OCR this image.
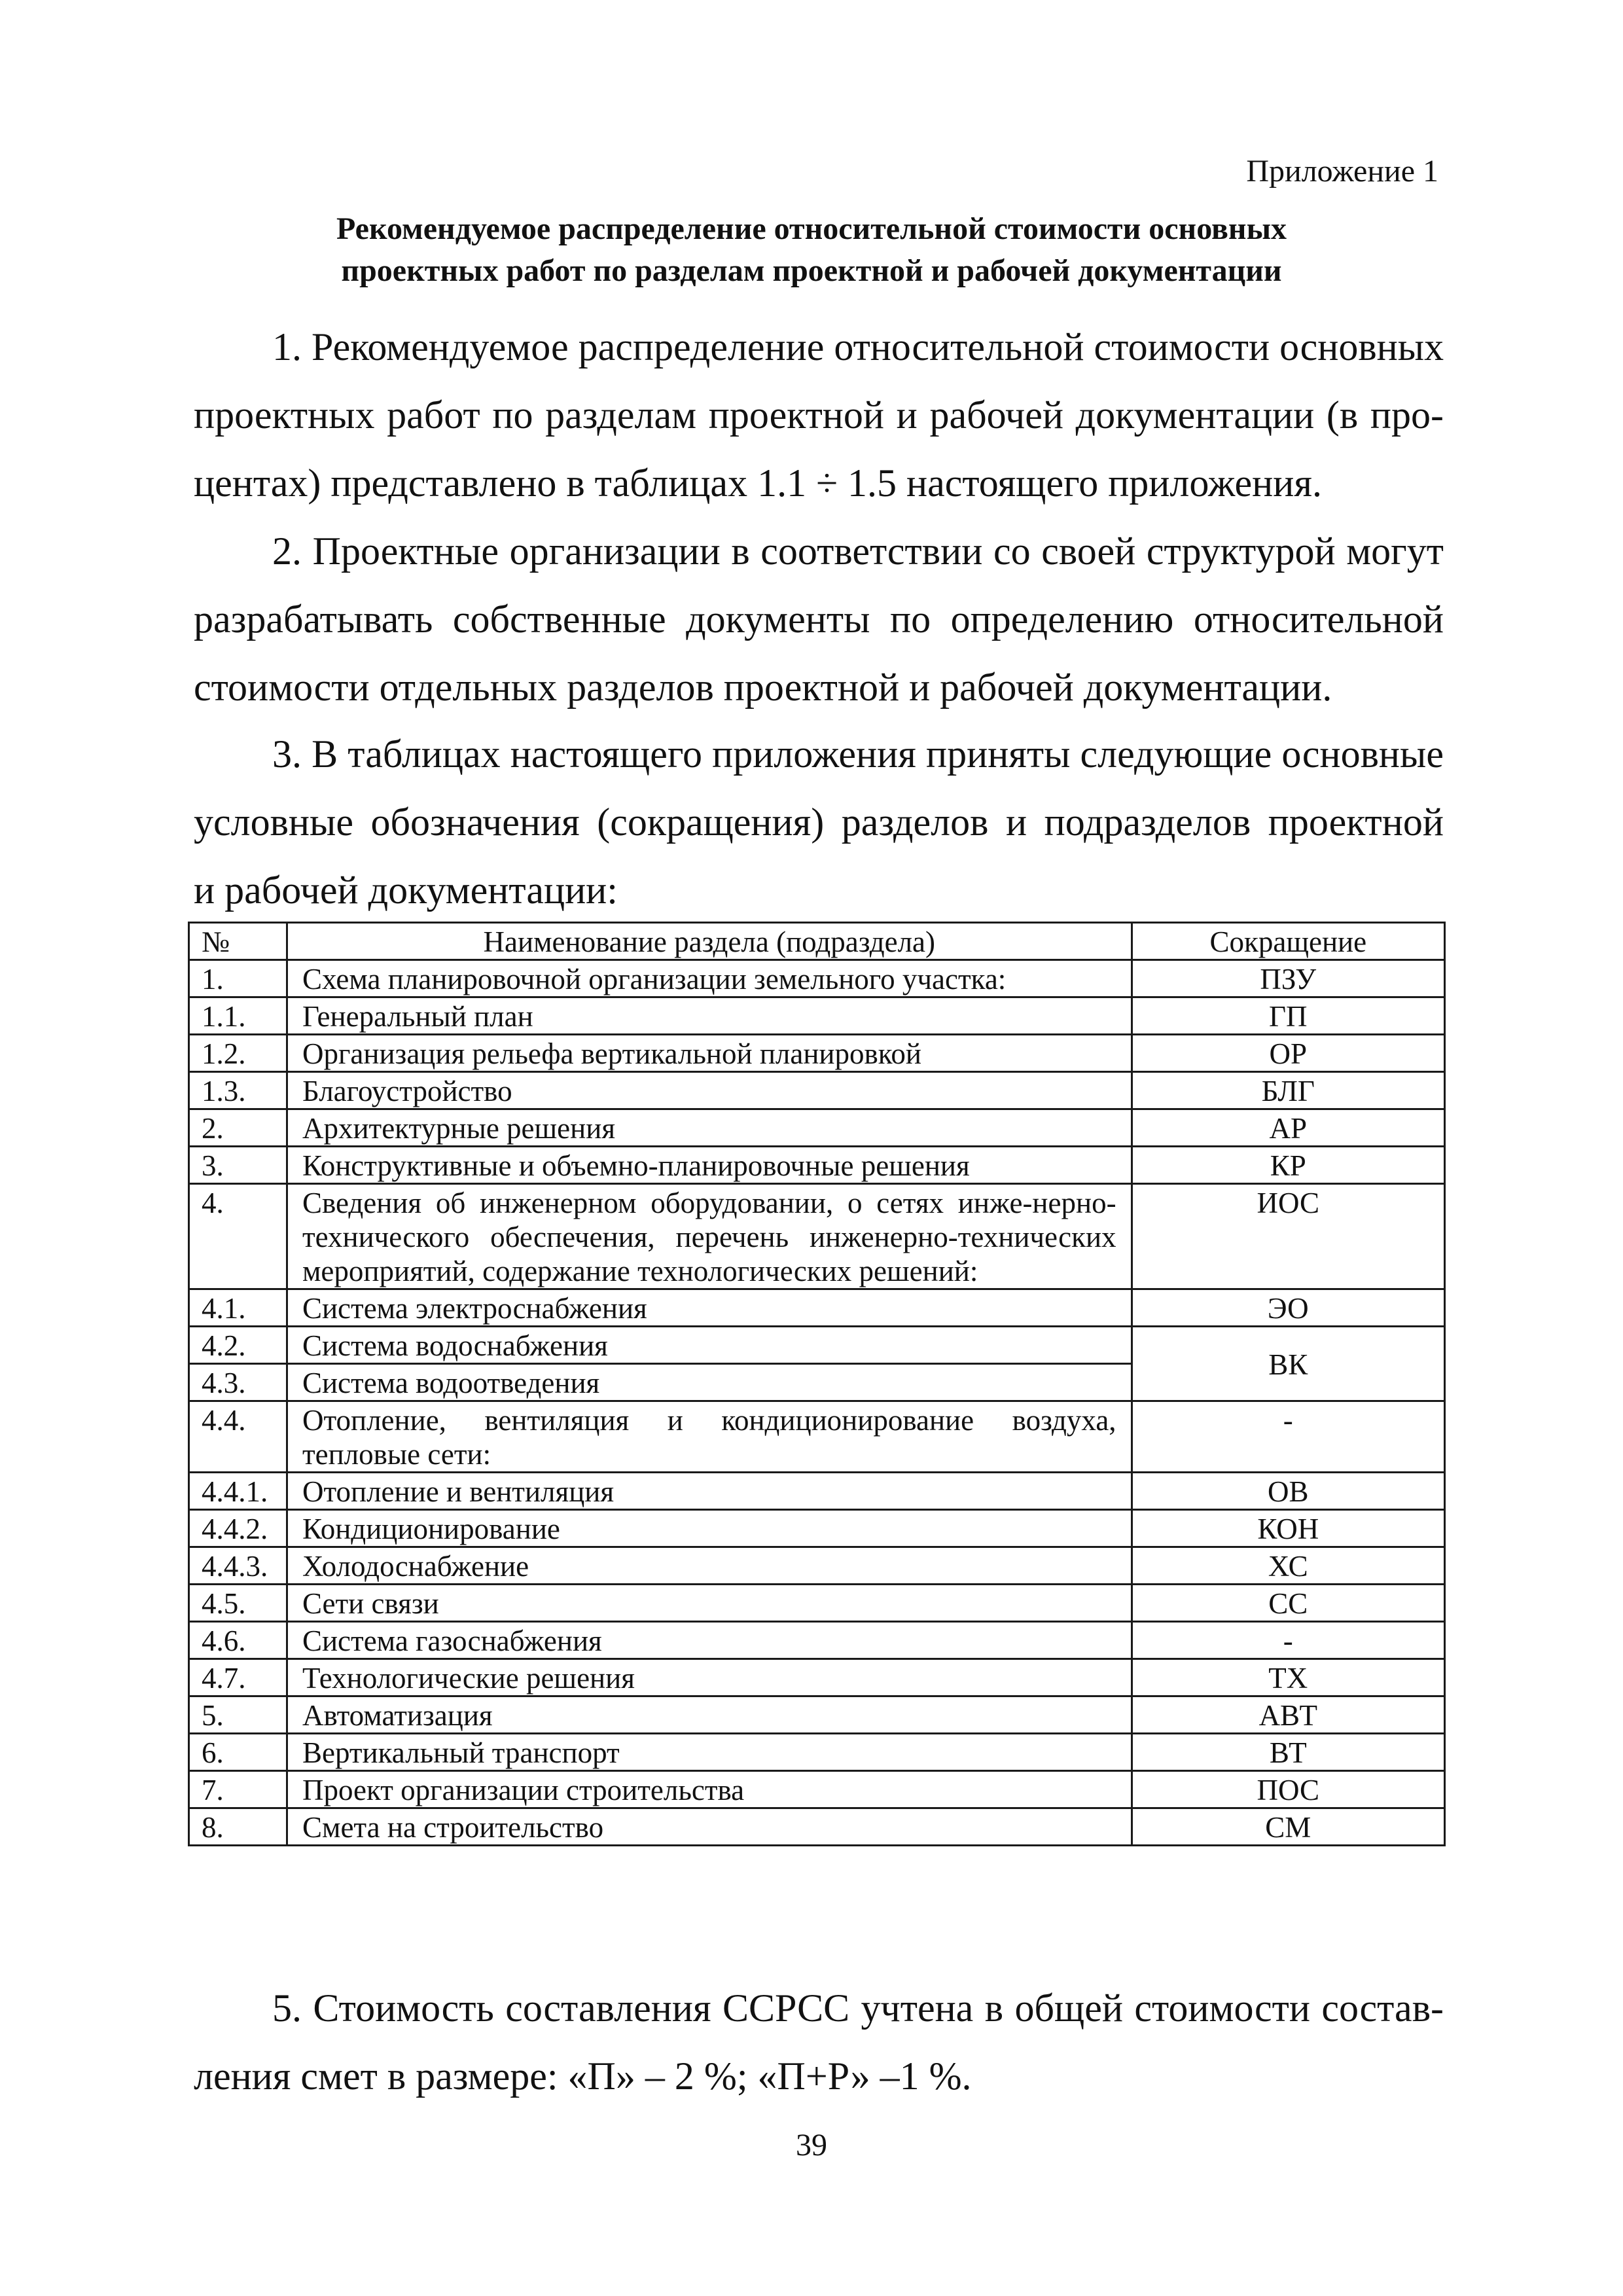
Приложение 1
Рекомендуемое распределение относительной стоимости основных
проектных работ по разделам проектной и рабочей документации
1. Рекомендуемое распределение относительной стоимости основных
проектных работ по разделам проектной и рабочей документации (в про-
центах) представлено в таблицах 1.1 ÷ 1.5 настоящего приложения.
2. Проектные организации в соответствии со своей структурой могут
разрабатывать собственные документы по определению относительной
стоимости отдельных разделов проектной и рабочей документации.
3. В таблицах настоящего приложения приняты следующие основные
условные обозначения (сокращения) разделов и подразделов проектной
и рабочей документации:
№	Наименование раздела (подраздела)	Сокращение
1.	Схема планировочной организации земельного участка:	ПЗУ
1.1.	Генеральный план	ГП
1.2.	Организация рельефа вертикальной планировкой	ОР
1.3.	Благоустройство	БЛГ
2.	Архитектурные решения	АР
3.	Конструктивные и объемно-планировочные решения	КР
4.	Сведения об инженерном оборудовании, о сетях инже-нерно-технического обеспечения, перечень инженерно-технических мероприятий, содержание технологических решений:	ИОС
4.1.	Система электроснабжения	ЭО
4.2.	Система водоснабжения	ВК
4.3.	Система водоотведения	
4.4.	Отопление, вентиляция и кондиционирование воздуха, тепловые сети:	-
4.4.1.	Отопление и вентиляция	ОВ
4.4.2.	Кондиционирование	КОН
4.4.3.	Холодоснабжение	ХС
4.5.	Сети связи	СС
4.6.	Система газоснабжения	-
4.7.	Технологические решения	ТХ
5.	Автоматизация	АВТ
6.	Вертикальный транспорт	ВТ
7.	Проект организации строительства	ПОС
8.	Смета на строительство	СМ
5. Стоимость составления ССРСС учтена в общей стоимости состав-
ления смет в размере: «П» – 2 %; «П+Р» –1 %.
39
